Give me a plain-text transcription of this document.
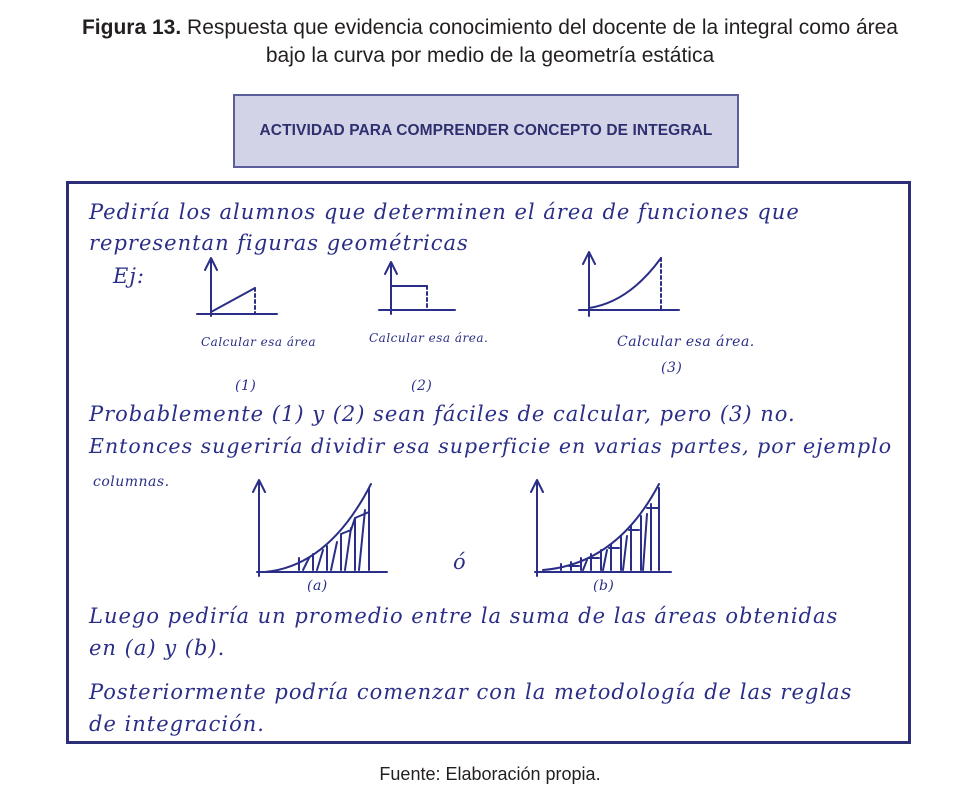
Figura 13. Respuesta que evidencia conocimiento del docente de la integral como área
bajo la curva por medio de la geometría estática
ACTIVIDAD PARA COMPRENDER CONCEPTO DE INTEGRAL
Pediría los alumnos que determinen el área de funciones que
representan figuras geométricas
Ej:
Calcular esa área
(1)
Calcular esa área.
(2)
Calcular esa área.
(3)
Probablemente (1) y (2) sean fáciles de calcular, pero (3) no.
Entonces sugeriría dividir esa superficie en varias partes, por ejemplo
columnas.
(a)
ó
(b)
Luego pediría un promedio entre la suma de las áreas obtenidas
en (a) y (b).
Posteriormente podría comenzar con la metodología de las reglas
de integración.
Fuente: Elaboración propia.
